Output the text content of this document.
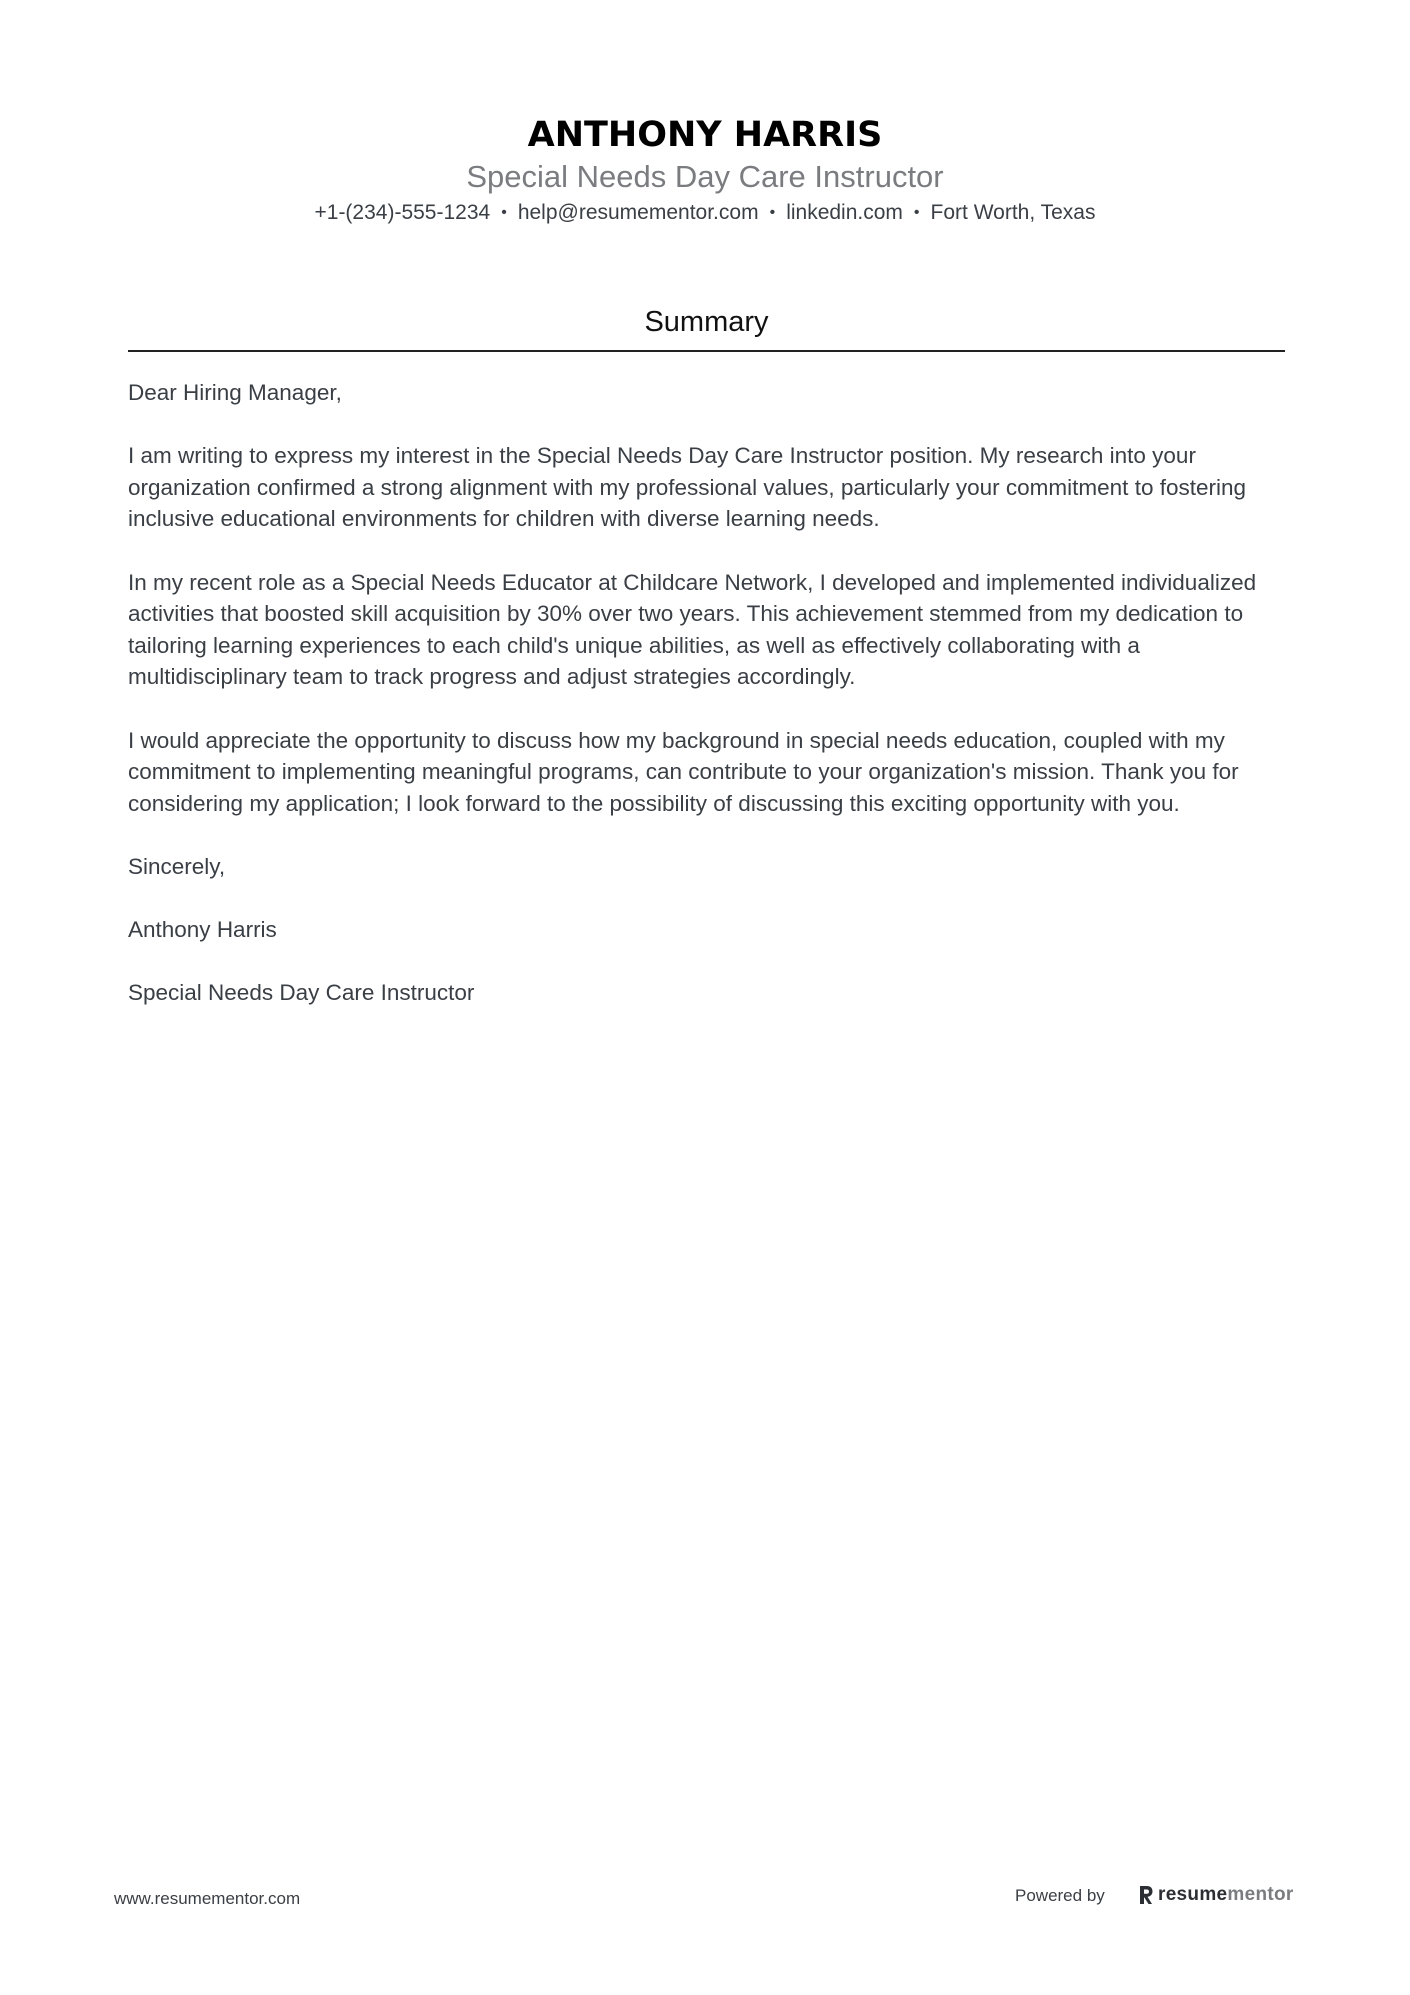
ANTHONY HARRIS
Special Needs Day Care Instructor
+1-(234)-555-1234 • help@resumementor.com • linkedin.com • Fort Worth, Texas
Summary

Dear Hiring Manager,

I am writing to express my interest in the Special Needs Day Care Instructor position. My research into your organization confirmed a strong alignment with my professional values, particularly your commitment to fostering inclusive educational environments for children with diverse learning needs.

In my recent role as a Special Needs Educator at Childcare Network, I developed and implemented individualized activities that boosted skill acquisition by 30% over two years. This achievement stemmed from my dedication to tailoring learning experiences to each child's unique abilities, as well as effectively collaborating with a multidisciplinary team to track progress and adjust strategies accordingly.

I would appreciate the opportunity to discuss how my background in special needs education, coupled with my commitment to implementing meaningful programs, can contribute to your organization's mission. Thank you for considering my application; I look forward to the possibility of discussing this exciting opportunity with you.

Sincerely,

Anthony Harris

Special Needs Day Care Instructor

www.resumementor.com	Powered by	resumementor
